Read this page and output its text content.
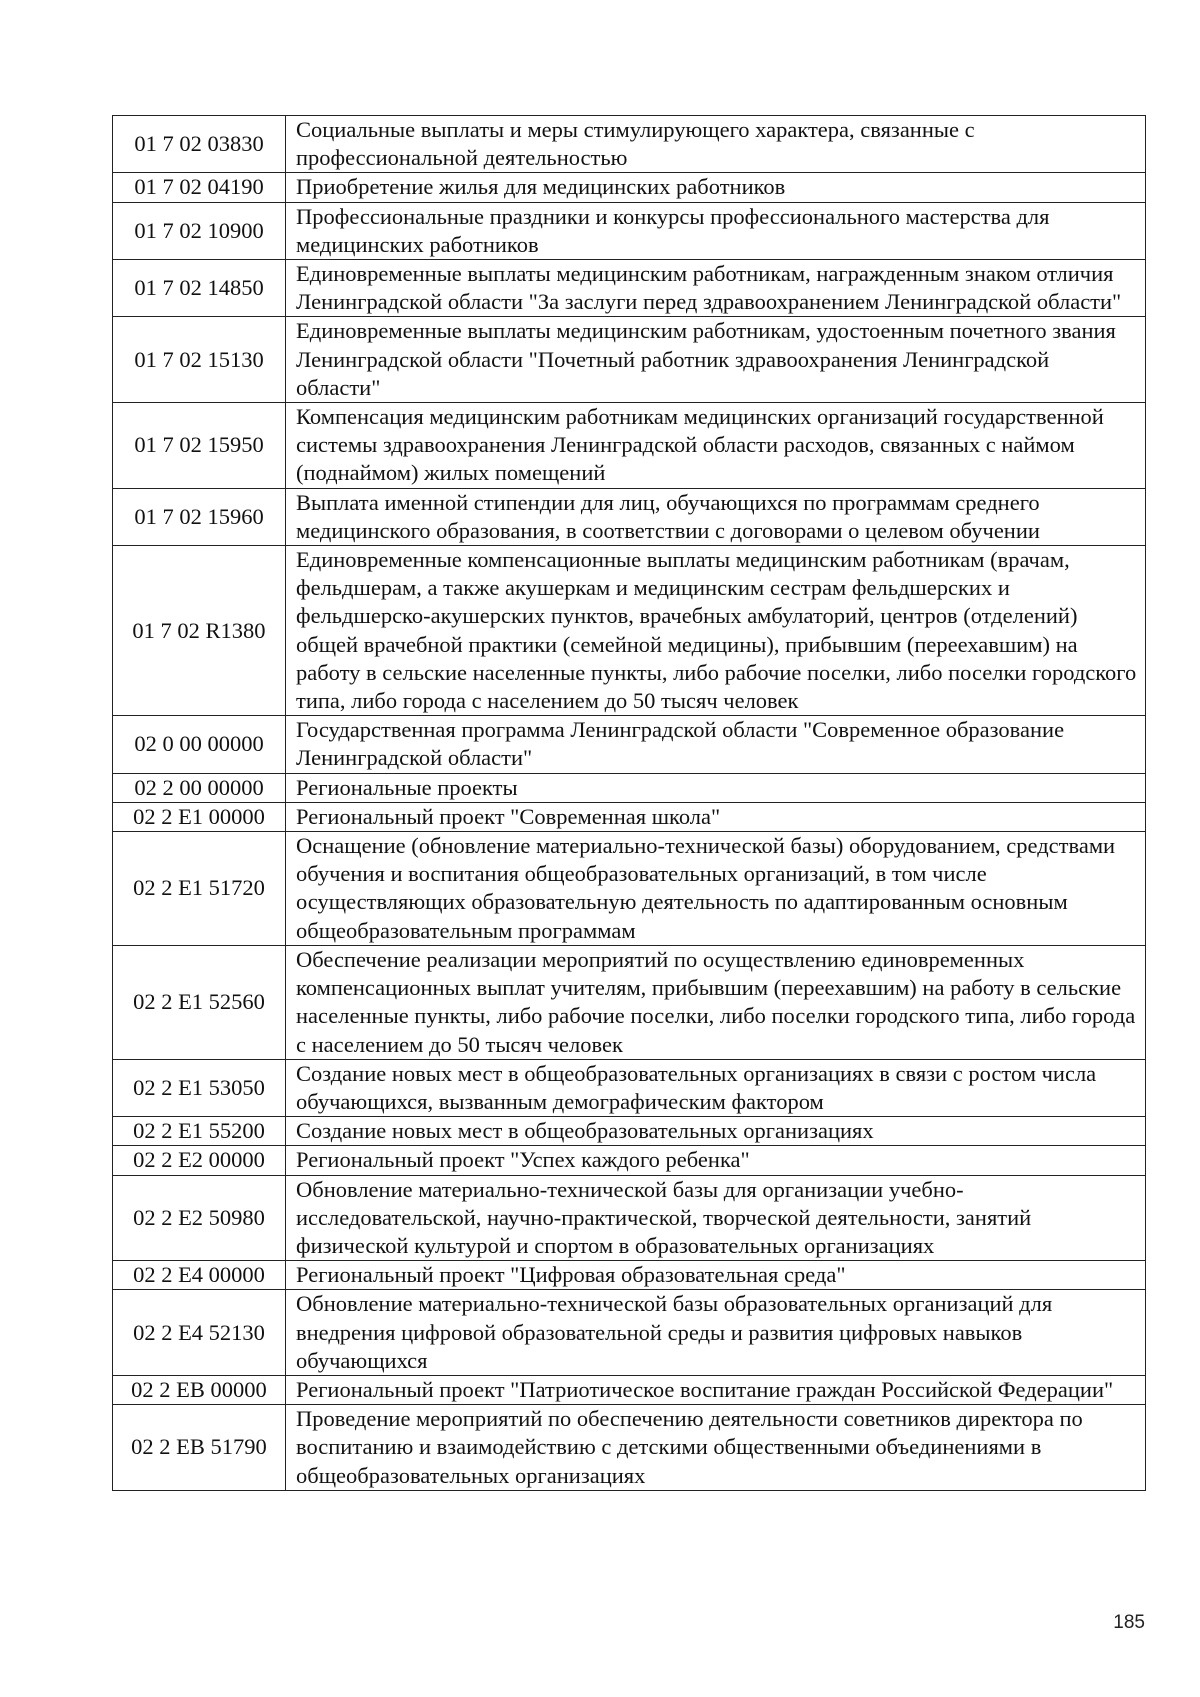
01 7 02 03830	Социальные выплаты и меры стимулирующего характера, связанные с профессиональной деятельностью
01 7 02 04190	Приобретение жилья для медицинских работников
01 7 02 10900	Профессиональные праздники и конкурсы профессионального мастерства для медицинских работников
01 7 02 14850	Единовременные выплаты медицинским работникам, награжденным знаком отличия Ленинградской области "За заслуги перед здравоохранением Ленинградской области"
01 7 02 15130	Единовременные выплаты медицинским работникам, удостоенным почетного звания Ленинградской области "Почетный работник здравоохранения Ленинградской области"
01 7 02 15950	Компенсация медицинским работникам медицинских организаций государственной системы здравоохранения Ленинградской области расходов, связанных с наймом (поднаймом) жилых помещений
01 7 02 15960	Выплата именной стипендии для лиц, обучающихся по программам среднего медицинского образования, в соответствии с договорами о целевом обучении
01 7 02 R1380	Единовременные компенсационные выплаты медицинским работникам (врачам, фельдшерам, а также акушеркам и медицинским сестрам фельдшерских и фельдшерско-акушерских пунктов, врачебных амбулаторий, центров (отделений) общей врачебной практики (семейной медицины), прибывшим (переехавшим) на работу в сельские населенные пункты, либо рабочие поселки, либо поселки городского типа, либо города с населением до 50 тысяч человек
02 0 00 00000	Государственная программа Ленинградской области "Современное образование Ленинградской области"
02 2 00 00000	Региональные проекты
02 2 E1 00000	Региональный проект "Современная школа"
02 2 E1 51720	Оснащение (обновление материально-технической базы) оборудованием, средствами обучения и воспитания общеобразовательных организаций, в том числе осуществляющих образовательную деятельность по адаптированным основным общеобразовательным программам
02 2 E1 52560	Обеспечение реализации мероприятий по осуществлению единовременных компенсационных выплат учителям, прибывшим (переехавшим) на работу в сельские населенные пункты, либо рабочие поселки, либо поселки городского типа, либо города с населением до 50 тысяч человек
02 2 E1 53050	Создание новых мест в общеобразовательных организациях в связи с ростом числа обучающихся, вызванным демографическим фактором
02 2 E1 55200	Создание новых мест в общеобразовательных организациях
02 2 E2 00000	Региональный проект "Успех каждого ребенка"
02 2 E2 50980	Обновление материально-технической базы для организации учебно-исследовательской, научно-практической, творческой деятельности, занятий физической культурой и спортом в образовательных организациях
02 2 E4 00000	Региональный проект "Цифровая образовательная среда"
02 2 E4 52130	Обновление материально-технической базы образовательных организаций для внедрения цифровой образовательной среды и развития цифровых навыков обучающихся
02 2 EB 00000	Региональный проект "Патриотическое воспитание граждан Российской Федерации"
02 2 EB 51790	Проведение мероприятий по обеспечению деятельности советников директора по воспитанию и взаимодействию с детскими общественными объединениями в общеобразовательных организациях
185
